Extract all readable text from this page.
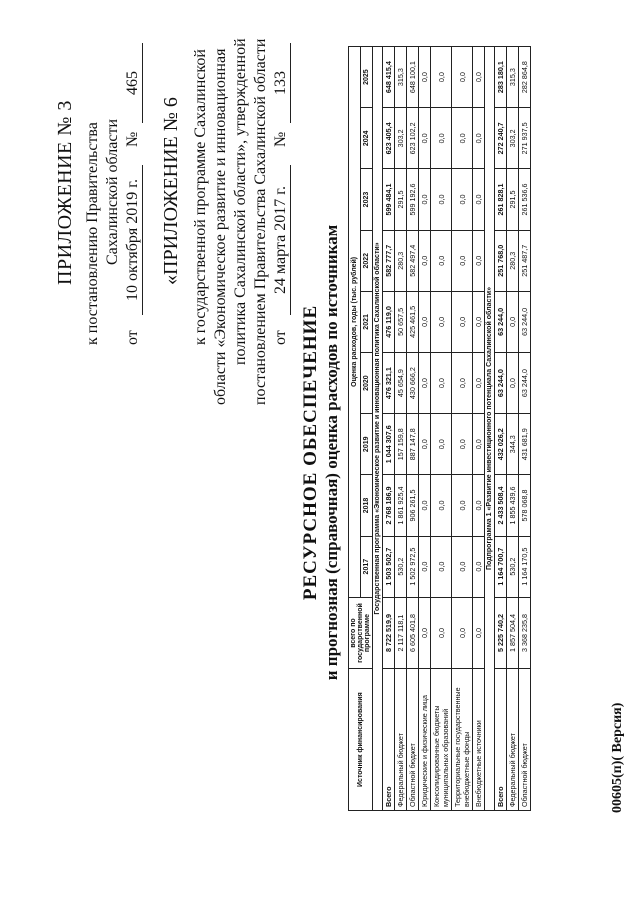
ПРИЛОЖЕНИЕ № 3 к постановлению Правительства Сахалинской области
от
10 октября 2019 г.
№
465
«ПРИЛОЖЕНИЕ № 6 к государственной программе Сахалинской области «Экономическое развитие и инновационная политика Сахалинской области», утвержденной постановлением Правительства Сахалинской области от
24 марта 2017 г.
№
133
РЕСУРСНОЕ ОБЕСПЕЧЕНИЕ и прогнозная (справочная) оценка расходов по источникам
Источник финансирования	всего по государственной программе	Оценка расходов, годы (тыс. рублей)								
		2017	2018	2019	2020	2021	2022	2023	2024	2025
Государственная программа «Экономическое развитие и инновационная политика Сахалинской области»										
Всего	8 722 519,9	1 503 502,7	2 768 186,9	1 044 307,6	476 321,1	476 119,0	582 777,7	599 484,1	623 405,4	648 415,4
Федеральный бюджет	2 117 118,1	530,2	1 861 925,4	157 159,8	45 654,9	50 657,5	280,3	291,5	303,2	315,3
Областной бюджет	6 605 401,8	1 502 972,5	906 261,5	887 147,8	430 666,2	425 461,5	582 497,4	599 192,6	623 102,2	648 100,1
Юридические и физические лица	0,0	0,0	0,0	0,0	0,0	0,0	0,0	0,0	0,0	0,0
Консолидированные бюджеты муниципальных образований	0,0	0,0	0,0	0,0	0,0	0,0	0,0	0,0	0,0	0,0
Территориальные государственные внебюджетные фонды	0,0	0,0	0,0	0,0	0,0	0,0	0,0	0,0	0,0	0,0
Внебюджетные источники	0,0	0,0	0,0	0,0	0,0	0,0	0,0	0,0	0,0	0,0
Подпрограмма 1 «Развитие инвестиционного потенциала Сахалинской области»										
Всего	5 225 740,2	1 164 700,7	2 433 508,4	432 026,2	63 244,0	63 244,0	251 768,0	261 828,1	272 240,7	283 180,1
Федеральный бюджет	1 857 504,4	530,2	1 855 439,6	344,3	0,0	0,0	280,3	291,5	303,2	315,3
Областной бюджет	3 368 235,8	1 164 170,5	578 068,8	431 681,9	63 244,0	63 244,0	251 487,7	261 536,6	271 937,5	282 864,8
00605(п)( Версия)
